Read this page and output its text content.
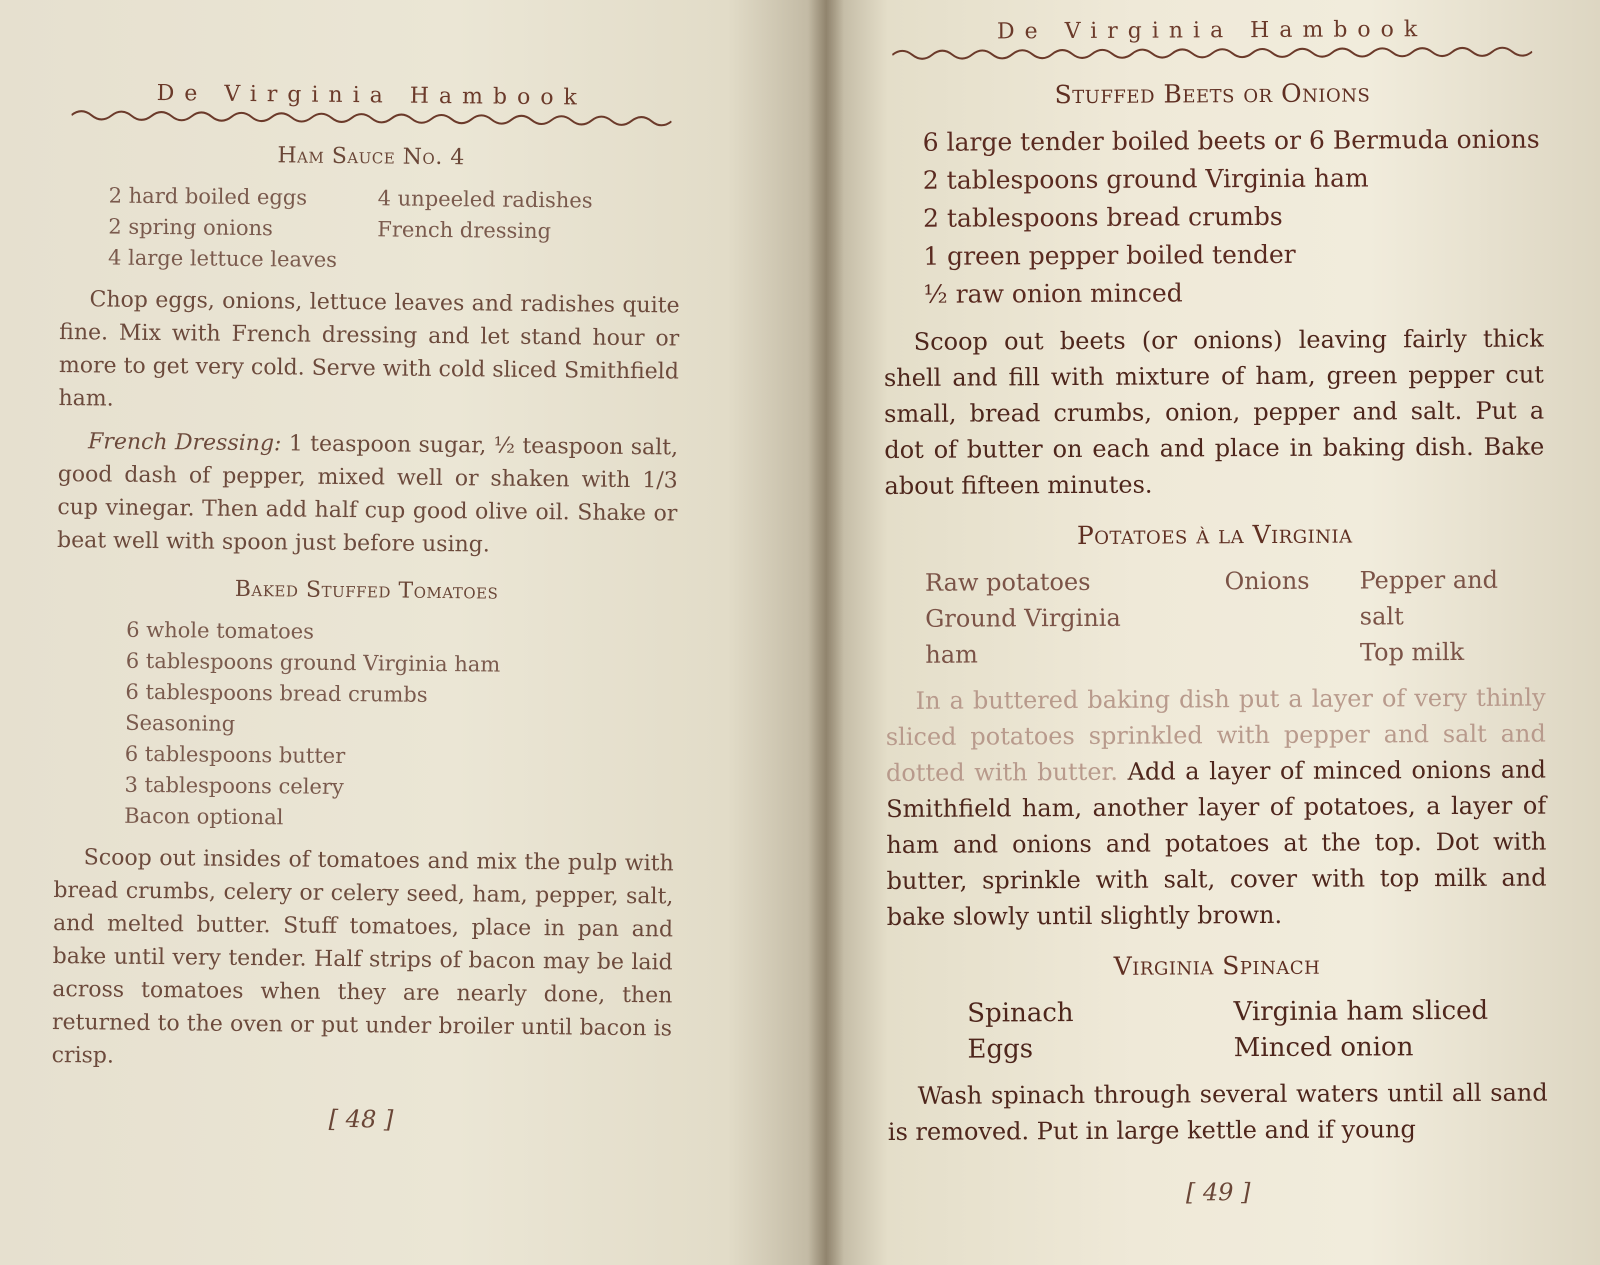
De Virginia Hambook
Ham Sauce No. 4
2 hard boiled eggs
2 spring onions
4 large lettuce leaves
4 unpeeled radishes
French dressing

Chop eggs, onions, lettuce leaves and radishes quite fine. Mix with French dressing and let stand hour or more to get very cold. Serve with cold sliced Smithfield ham.

French Dressing: 1 teaspoon sugar, ½ teaspoon salt, good dash of pepper, mixed well or shaken with 1/3 cup vinegar. Then add half cup good olive oil. Shake or beat well with spoon just before using.

Baked Stuffed Tomatoes
6 whole tomatoes
6 tablespoons ground Virginia ham
6 tablespoons bread crumbs
Seasoning
6 tablespoons butter
3 tablespoons celery
Bacon optional

Scoop out insides of tomatoes and mix the pulp with bread crumbs, celery or celery seed, ham, pepper, salt, and melted butter. Stuff tomatoes, place in pan and bake until very tender. Half strips of bacon may be laid across tomatoes when they are nearly done, then returned to the oven or put under broiler until bacon is crisp.

[ 48 ]
De Virginia Hambook
Stuffed Beets or Onions
6 large tender boiled beets or 6 Bermuda onions
2 tablespoons ground Virginia ham
2 tablespoons bread crumbs
1 green pepper boiled tender
½ raw onion minced

Scoop out beets (or onions) leaving fairly thick shell and fill with mixture of ham, green pepper cut small, bread crumbs, onion, pepper and salt. Put a dot of butter on each and place in baking dish. Bake about fifteen minutes.

Potatoes à la Virginia
Raw potatoes
Ground Virginia ham
Onions Pepper and salt
Top milk

In a buttered baking dish put a layer of very thinly sliced potatoes sprinkled with pepper and salt and dotted with butter. Add a layer of minced onions and Smithfield ham, another layer of potatoes, a layer of ham and onions and potatoes at the top. Dot with butter, sprinkle with salt, cover with top milk and bake slowly until slightly brown.

Virginia Spinach
Spinach
Eggs
Virginia ham sliced
Minced onion

Wash spinach through several waters until all sand is removed. Put in large kettle and if young

[ 49 ]
